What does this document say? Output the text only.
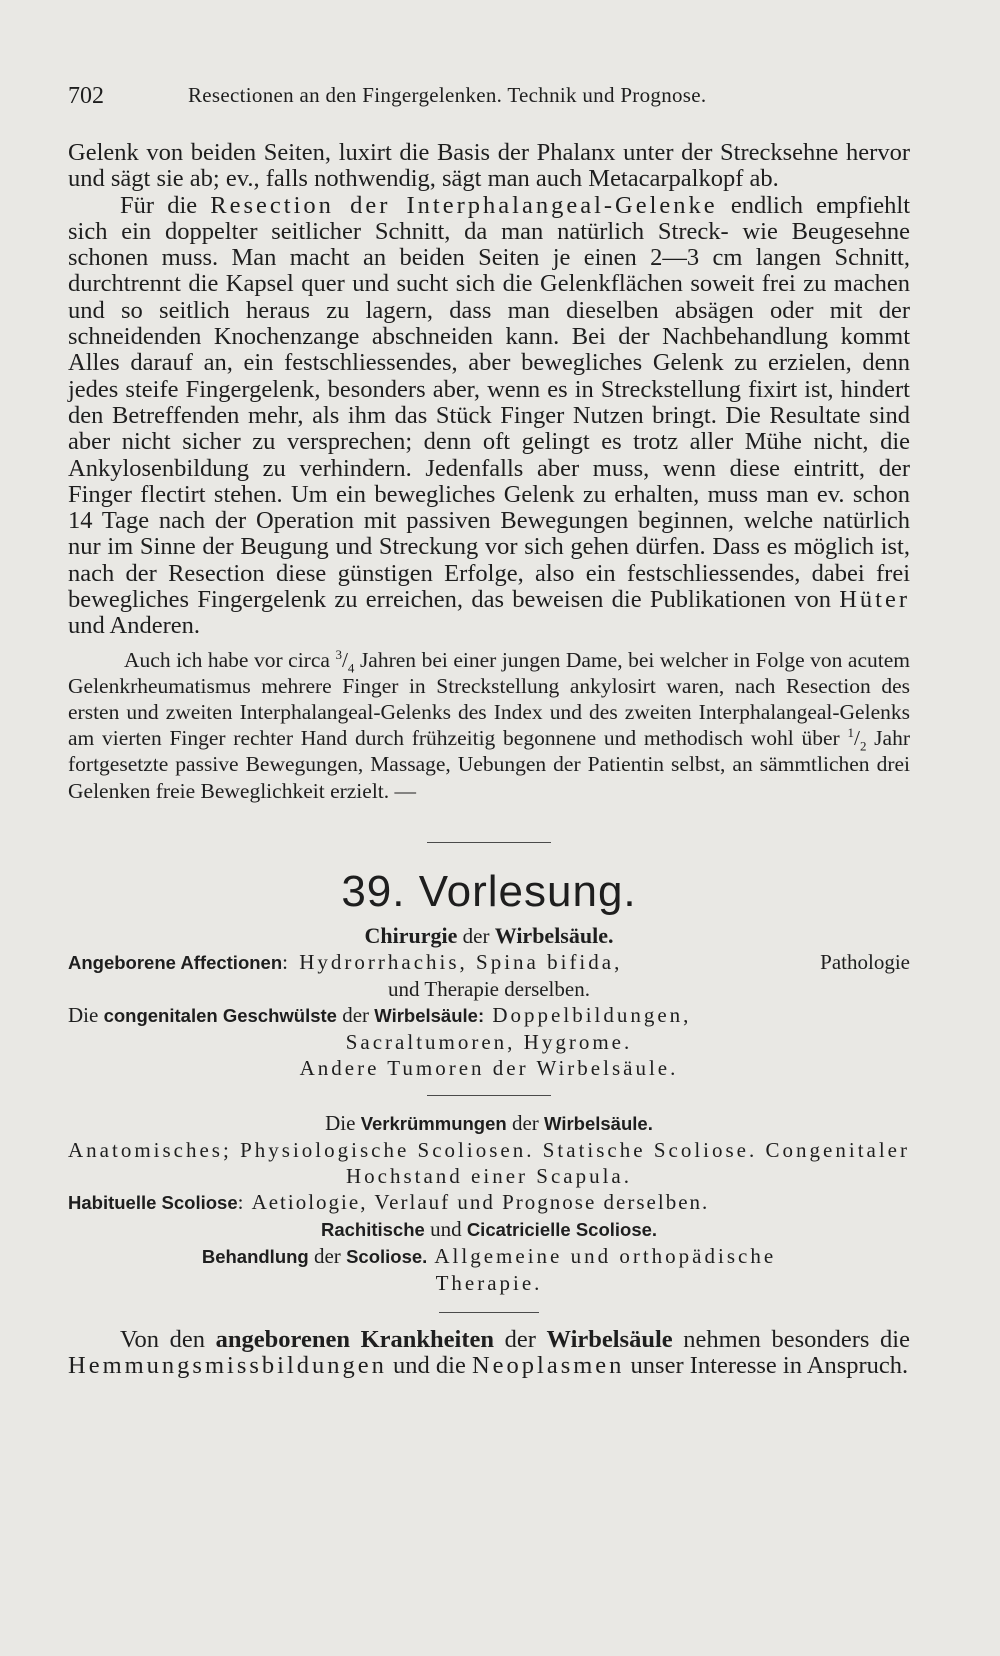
702	Resectionen an den Fingergelenken. Technik und Prognose.

Gelenk von beiden Seiten, luxirt die Basis der Phalanx unter der Strecksehne hervor und sägt sie ab; ev., falls nothwendig, sägt man auch Metacarpalkopf ab.

Für die Resection der Interphalangeal-Gelenke endlich empfiehlt sich ein doppelter seitlicher Schnitt, da man natürlich Streck- wie Beugesehne schonen muss. Man macht an beiden Seiten je einen 2—3 cm langen Schnitt, durchtrennt die Kapsel quer und sucht sich die Gelenkflächen soweit frei zu machen und so seitlich heraus zu lagern, dass man dieselben absägen oder mit der schneidenden Knochenzange abschneiden kann. Bei der Nachbehandlung kommt Alles darauf an, ein festschliessendes, aber bewegliches Gelenk zu erzielen, denn jedes steife Fingergelenk, besonders aber, wenn es in Streckstellung fixirt ist, hindert den Betreffenden mehr, als ihm das Stück Finger Nutzen bringt. Die Resultate sind aber nicht sicher zu versprechen; denn oft gelingt es trotz aller Mühe nicht, die Ankylosenbildung zu verhindern. Jedenfalls aber muss, wenn diese eintritt, der Finger flectirt stehen. Um ein bewegliches Gelenk zu erhalten, muss man ev. schon 14 Tage nach der Operation mit passiven Bewegungen beginnen, welche natürlich nur im Sinne der Beugung und Streckung vor sich gehen dürfen. Dass es möglich ist, nach der Resection diese günstigen Erfolge, also ein festschliessendes, dabei frei bewegliches Fingergelenk zu erreichen, das beweisen die Publikationen von Hüter und Anderen.

Auch ich habe vor circa $^3/_4$ Jahren bei einer jungen Dame, bei welcher in Folge von acutem Gelenkrheumatismus mehrere Finger in Streckstellung ankylosirt waren, nach Resection des ersten und zweiten Interphalangeal-Gelenks des Index und des zweiten Interphalangeal-Gelenks am vierten Finger rechter Hand durch frühzeitig begonnene und methodisch wohl über $^1/_2$ Jahr fortgesetzte passive Bewegungen, Massage, Uebungen der Patientin selbst, an sämmtlichen drei Gelenken freie Beweglichkeit erzielt. —

39. Vorlesung.
Chirurgie der Wirbelsäule.
Angeborene Affectionen: Hydrorrhachis, Spina bifida,	Pathologie
und Therapie derselben.
Die congenitalen Geschwülste der Wirbelsäule: Doppelbildungen,
Sacraltumoren, Hygrome.
Andere Tumoren der Wirbelsäule.
Die Verkrümmungen der Wirbelsäule.
Anatomisches; Physiologische Scoliosen. Statische Scoliose. Congenitaler Hochstand einer Scapula.
Habituelle Scoliose: Aetiologie, Verlauf und Prognose derselben.
Rachitische und Cicatricielle Scoliose.
Behandlung der Scoliose. Allgemeine und orthopädische
Therapie.

Von den angeborenen Krankheiten der Wirbelsäule nehmen besonders die Hemmungsmissbildungen und die Neoplasmen unser Interesse in Anspruch.
